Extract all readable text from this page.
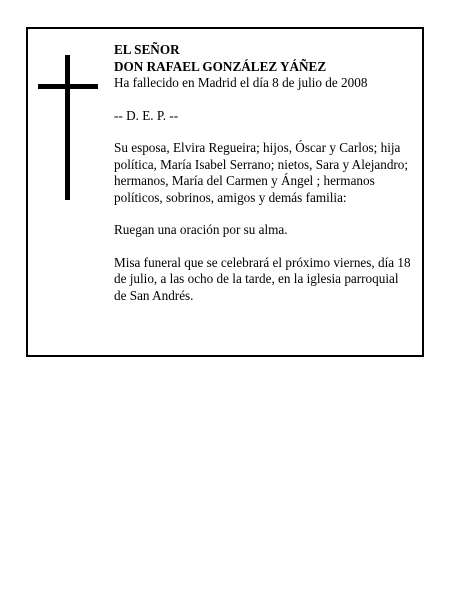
EL SEÑOR

DON RAFAEL GONZÁLEZ YÁÑEZ

Ha fallecido en Madrid el día 8 de julio de 2008

-- D. E. P. --

Su esposa, Elvira Regueira; hijos, Óscar y Carlos; hija

política, María Isabel Serrano; nietos, Sara y Alejandro;

hermanos, María del Carmen y Ángel ; hermanos

políticos, sobrinos, amigos y demás familia:

Ruegan una oración por su alma.

Misa funeral que se celebrará el próximo viernes, día 18

de julio, a las ocho de la tarde, en la iglesia parroquial

de San Andrés.
